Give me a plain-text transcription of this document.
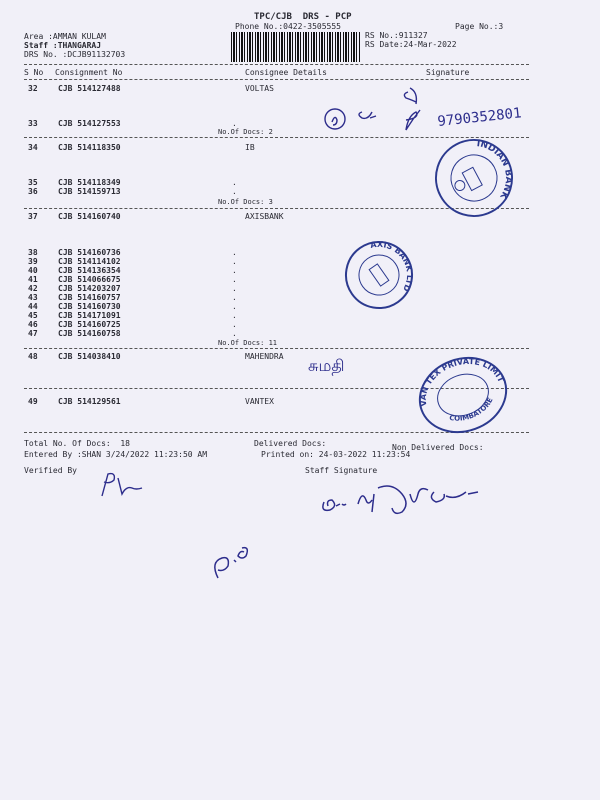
TPC/CJB  DRS - PCP
Phone No.:0422-3505555	Page No.:3
Area :AMMAN KULAM
Staff :THANGARAJ
DRS No. :DCJB91132703
RS No.:911327
RS Date:24-Mar-2022
S No Consignment No	Consignee Details	Signature
32	CJB 514127488	VOLTAS
33	CJB 514127553	.
No.Of Docs: 2
9790352801
34	CJB 514118350	IB
35	CJB 514118349	.
36	CJB 514159713	.
No.Of Docs: 3
INDIAN BANK
37	CJB 514160740	AXISBANK
38	CJB 514160736	.
39	CJB 514114102	.
40	CJB 514136354	.
41	CJB 514066675	.
42	CJB 514203207	.
43	CJB 514160757	.
44	CJB 514160730	.
45	CJB 514171091	.
46	CJB 514160725	.
47	CJB 514160758	.
No.Of Docs: 11
AXIS BANK LTD
48	CJB 514038410	MAHENDRA சுமதி
49	CJB 514129561	VANTEX	VAN TEX PRIVATE LIMITED
COIMBATORE
Total No. Of Docs:  18	Delivered Docs:	Non Delivered Docs:
Entered By :SHAN 3/24/2022 11:23:50 AM	Printed on: 24-03-2022 11:23:54
Verified By	Staff Signature
